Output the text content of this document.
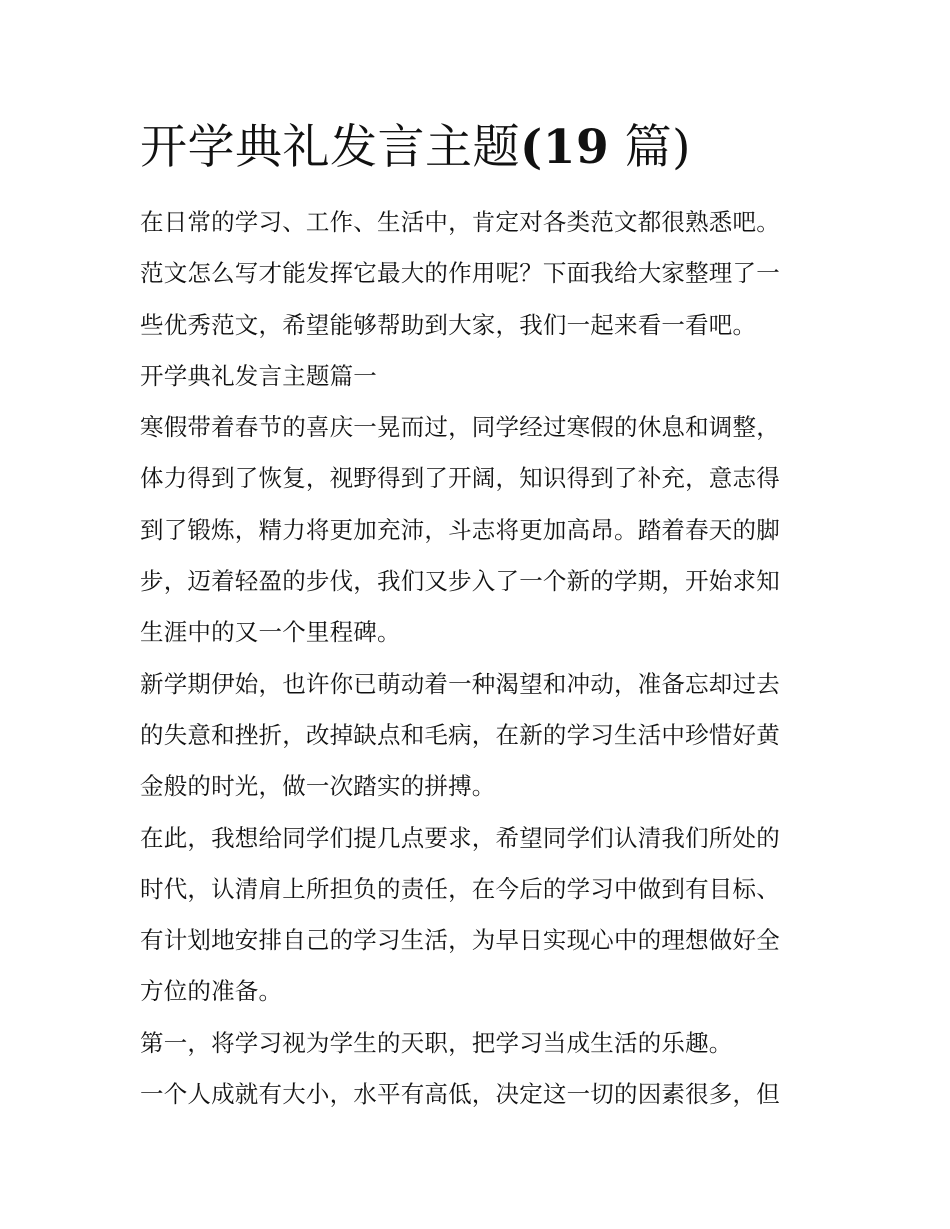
开学典礼发言主题(19 篇)
在日常的学习、工作、生活中，肯定对各类范文都很熟悉吧。
范文怎么写才能发挥它最大的作用呢？下面我给大家整理了一
些优秀范文，希望能够帮助到大家，我们一起来看一看吧。
开学典礼发言主题篇一
寒假带着春节的喜庆一晃而过，同学经过寒假的休息和调整，
体力得到了恢复，视野得到了开阔，知识得到了补充，意志得
到了锻炼，精力将更加充沛，斗志将更加高昂。踏着春天的脚
步，迈着轻盈的步伐，我们又步入了一个新的学期，开始求知
生涯中的又一个里程碑。
新学期伊始，也许你已萌动着一种渴望和冲动，准备忘却过去
的失意和挫折，改掉缺点和毛病，在新的学习生活中珍惜好黄
金般的时光，做一次踏实的拼搏。
在此，我想给同学们提几点要求，希望同学们认清我们所处的
时代，认清肩上所担负的责任，在今后的学习中做到有目标、
有计划地安排自己的学习生活，为早日实现心中的理想做好全
方位的准备。
第一，将学习视为学生的天职，把学习当成生活的乐趣。
一个人成就有大小，水平有高低，决定这一切的因素很多，但
